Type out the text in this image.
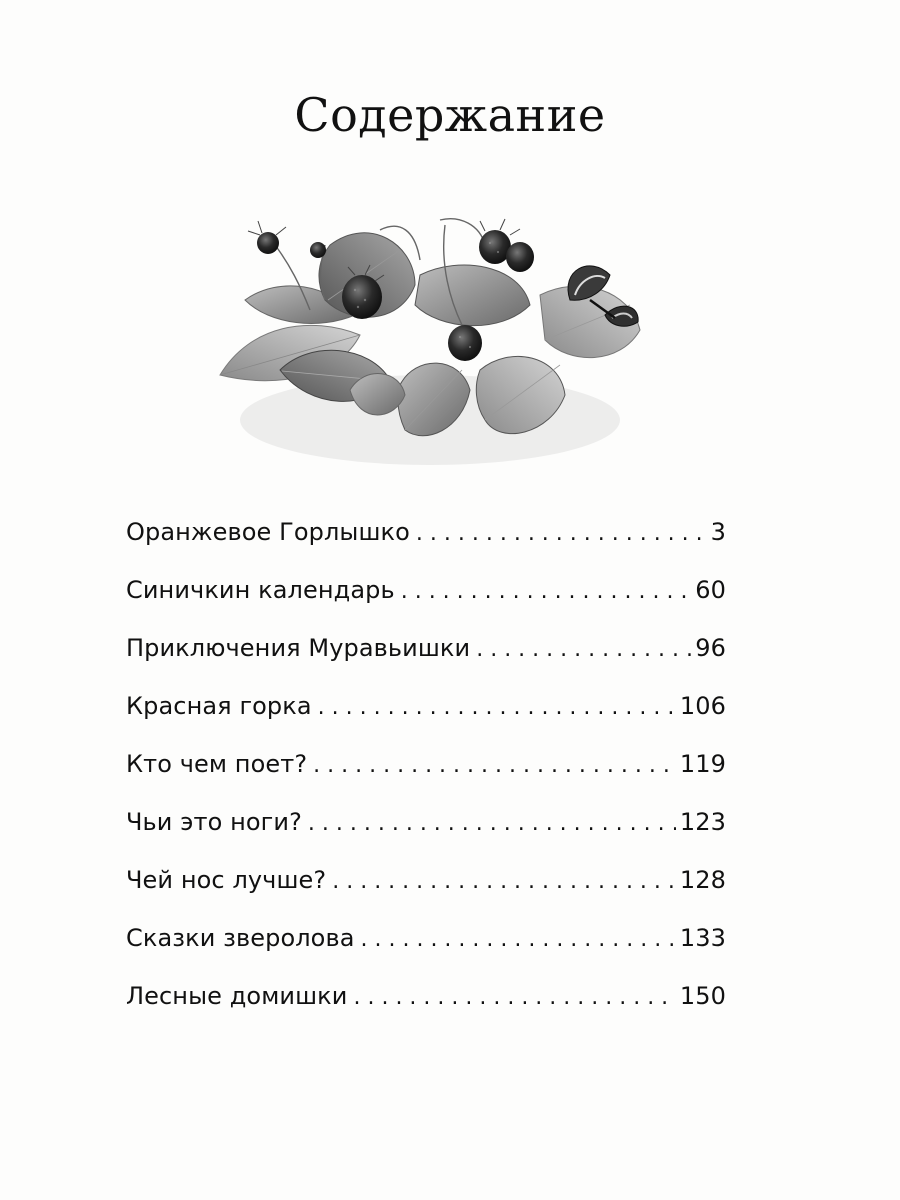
Содержание
Оранжевое Горлышко . . .	3
Синичкин календарь . . .	60
Приключения Муравьишки . . .	96
Красная горка . . .	106
Кто чем поет? . . .	119
Чьи это ноги? . . .	123
Чей нос лучше? . . .	128
Сказки зверолова . . .	133
Лесные домишки . . .	150
